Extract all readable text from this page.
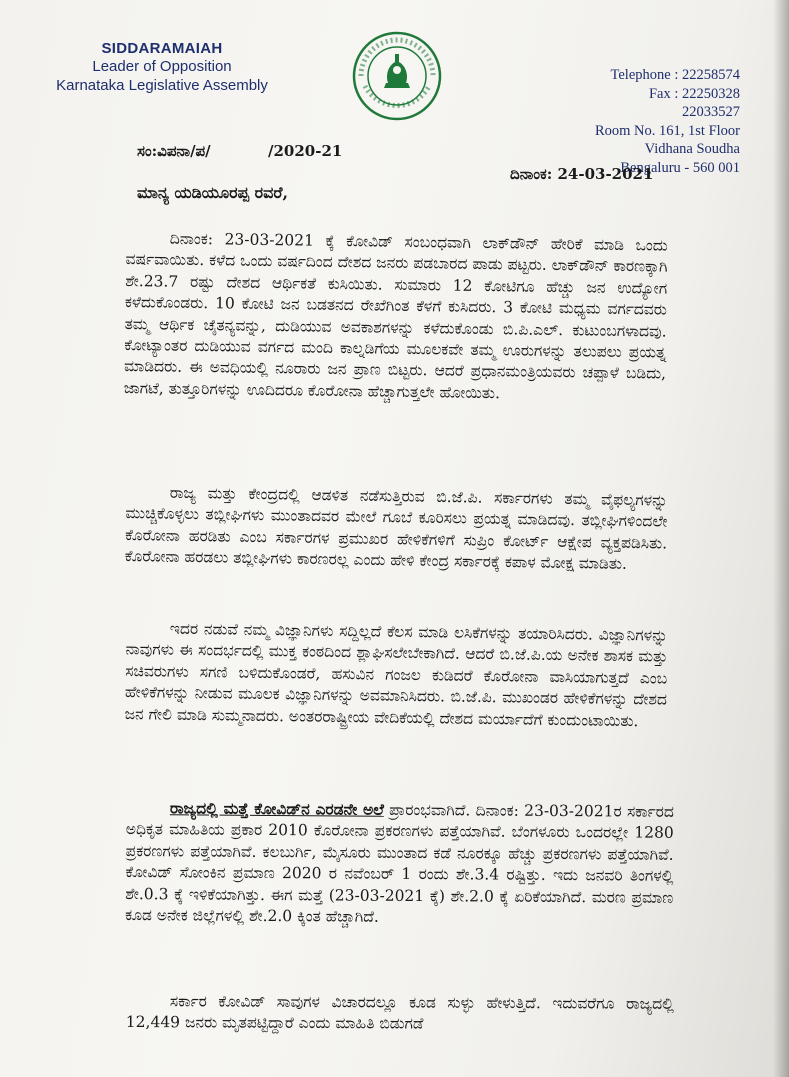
SIDDARAMAIAH
Leader of Opposition
Karnataka Legislative Assembly
Telephone : 22258574
Fax : 22250328
22033527
Room No. 161, 1st Floor
Vidhana Soudha
Bengaluru - 560 001
ಸಂ:ವಿಪನಾ/ಪ/	/2020-21
ದಿನಾಂಕ: 24-03-2021
ಮಾನ್ಯ ಯಡಿಯೂರಪ್ಪ ರವರೆ,
ದಿನಾಂಕ: 23-03-2021 ಕ್ಕೆ ಕೋವಿಡ್ ಸಂಬಂಧವಾಗಿ ಲಾಕ್‌ಡೌನ್ ಹೇರಿಕೆ ಮಾಡಿ ಒಂದು ವರ್ಷವಾಯಿತು. ಕಳೆದ ಒಂದು ವರ್ಷದಿಂದ ದೇಶದ ಜನರು ಪಡಬಾರದ ಪಾಡು ಪಟ್ಟರು. ಲಾಕ್‌ಡೌನ್ ಕಾರಣಕ್ಕಾಗಿ ಶೇ.23.7 ರಷ್ಟು ದೇಶದ ಆರ್ಥಿಕತೆ ಕುಸಿಯಿತು. ಸುಮಾರು 12 ಕೋಟಿಗೂ ಹೆಚ್ಚು ಜನ ಉದ್ಯೋಗ ಕಳೆದುಕೊಂಡರು. 10 ಕೋಟಿ ಜನ ಬಡತನದ ರೇಖೆಗಿಂತ ಕೆಳಗೆ ಕುಸಿದರು. 3 ಕೋಟಿ ಮಧ್ಯಮ ವರ್ಗದವರು ತಮ್ಮ ಆರ್ಥಿಕ ಚೈತನ್ಯವನ್ನು, ದುಡಿಯುವ ಅವಕಾಶಗಳನ್ನು ಕಳೆದುಕೊಂಡು ಬಿ.ಪಿ.ಎಲ್. ಕುಟುಂಬಗಳಾದವು. ಕೋಟ್ಯಾಂತರ ದುಡಿಯುವ ವರ್ಗದ ಮಂದಿ ಕಾಲ್ನಡಿಗೆಯ ಮೂಲಕವೇ ತಮ್ಮ ಊರುಗಳನ್ನು ತಲುಪಲು ಪ್ರಯತ್ನ ಮಾಡಿದರು. ಈ ಅವಧಿಯಲ್ಲಿ ನೂರಾರು ಜನ ಪ್ರಾಣ ಬಿಟ್ಟರು. ಆದರೆ ಪ್ರಧಾನಮಂತ್ರಿಯವರು ಚಪ್ಪಾಳೆ ಬಡಿದು, ಜಾಗಟೆ, ತುತ್ತೂರಿಗಳನ್ನು ಊದಿದರೂ ಕೊರೋನಾ ಹೆಚ್ಚಾಗುತ್ತಲೇ ಹೋಯಿತು.
ರಾಜ್ಯ ಮತ್ತು ಕೇಂದ್ರದಲ್ಲಿ ಆಡಳಿತ ನಡೆಸುತ್ತಿರುವ ಬಿ.ಜೆ.ಪಿ. ಸರ್ಕಾರಗಳು ತಮ್ಮ ವೈಫಲ್ಯಗಳನ್ನು ಮುಚ್ಚಿಕೊಳ್ಳಲು ತಬ್ಲೀಘಿಗಳು ಮುಂತಾದವರ ಮೇಲೆ ಗೂಬೆ ಕೂರಿಸಲು ಪ್ರಯತ್ನ ಮಾಡಿದವು. ತಬ್ಲೀಘಿಗಳಿಂದಲೇ ಕೊರೋನಾ ಹರಡಿತು ಎಂಬ ಸರ್ಕಾರಗಳ ಪ್ರಮುಖರ ಹೇಳಿಕೆಗಳಿಗೆ ಸುಪ್ರಿಂ ಕೋರ್ಟ್ ಆಕ್ಷೇಪ ವ್ಯಕ್ತಪಡಿಸಿತು. ಕೊರೋನಾ ಹರಡಲು ತಬ್ಲೀಘಿಗಳು ಕಾರಣರಲ್ಲ ಎಂದು ಹೇಳಿ ಕೇಂದ್ರ ಸರ್ಕಾರಕ್ಕೆ ಕಪಾಳ ಮೋಕ್ಷ ಮಾಡಿತು.
ಇದರ ನಡುವೆ ನಮ್ಮ ವಿಜ್ಞಾನಿಗಳು ಸದ್ದಿಲ್ಲದೆ ಕೆಲಸ ಮಾಡಿ ಲಸಿಕೆಗಳನ್ನು ತಯಾರಿಸಿದರು. ವಿಜ್ಞಾನಿಗಳನ್ನು ನಾವುಗಳು ಈ ಸಂದರ್ಭದಲ್ಲಿ ಮುಕ್ತ ಕಂಠದಿಂದ ಶ್ಲಾಘಿಸಲೇಬೇಕಾಗಿದೆ. ಆದರೆ ಬಿ.ಜೆ.ಪಿ.ಯ ಅನೇಕ ಶಾಸಕ ಮತ್ತು ಸಚಿವರುಗಳು ಸಗಣಿ ಬಳಿದುಕೊಂಡರೆ, ಹಸುವಿನ ಗಂಜಲ ಕುಡಿದರೆ ಕೊರೋನಾ ವಾಸಿಯಾಗುತ್ತದೆ ಎಂಬ ಹೇಳಿಕೆಗಳನ್ನು ನೀಡುವ ಮೂಲಕ ವಿಜ್ಞಾನಿಗಳನ್ನು ಅವಮಾನಿಸಿದರು. ಬಿ.ಜೆ.ಪಿ. ಮುಖಂಡರ ಹೇಳಿಕೆಗಳನ್ನು ದೇಶದ ಜನ ಗೇಲಿ ಮಾಡಿ ಸುಮ್ಮನಾದರು. ಅಂತರರಾಷ್ಟ್ರೀಯ ವೇದಿಕೆಯಲ್ಲಿ ದೇಶದ ಮರ್ಯಾದೆಗೆ ಕುಂದುಂಟಾಯಿತು.
ರಾಜ್ಯದಲ್ಲಿ ಮತ್ತೆ ಕೋವಿಡ್‌ನ ಎರಡನೇ ಅಲೆ ಪ್ರಾರಂಭವಾಗಿದೆ. ದಿನಾಂಕ: 23-03-2021ರ ಸರ್ಕಾರದ ಅಧಿಕೃತ ಮಾಹಿತಿಯ ಪ್ರಕಾರ 2010 ಕೊರೋನಾ ಪ್ರಕರಣಗಳು ಪತ್ತೆಯಾಗಿವೆ. ಬೆಂಗಳೂರು ಒಂದರಲ್ಲೇ 1280 ಪ್ರಕರಣಗಳು ಪತ್ತೆಯಾಗಿವೆ. ಕಲಬುರ್ಗಿ, ಮೈಸೂರು ಮುಂತಾದ ಕಡೆ ನೂರಕ್ಕೂ ಹೆಚ್ಚು ಪ್ರಕರಣಗಳು ಪತ್ತೆಯಾಗಿವೆ. ಕೋವಿಡ್ ಸೋಂಕಿನ ಪ್ರಮಾಣ 2020 ರ ನವೆಂಬರ್ 1 ರಂದು ಶೇ.3.4 ರಷ್ಟಿತ್ತು. ಇದು ಜನವರಿ ತಿಂಗಳಲ್ಲಿ ಶೇ.0.3 ಕ್ಕೆ ಇಳಿಕೆಯಾಗಿತ್ತು. ಈಗ ಮತ್ತೆ (23-03-2021 ಕ್ಕೆ) ಶೇ.2.0 ಕ್ಕೆ ಏರಿಕೆಯಾಗಿದೆ. ಮರಣ ಪ್ರಮಾಣ ಕೂಡ ಅನೇಕ ಜಿಲ್ಲೆಗಳಲ್ಲಿ ಶೇ.2.0 ಕ್ಕಿಂತ ಹೆಚ್ಚಾಗಿದೆ.
ಸರ್ಕಾರ ಕೋವಿಡ್ ಸಾವುಗಳ ವಿಚಾರದಲ್ಲೂ ಕೂಡ ಸುಳ್ಳು ಹೇಳುತ್ತಿದೆ. ಇದುವರೆಗೂ ರಾಜ್ಯದಲ್ಲಿ 12,449 ಜನರು ಮೃತಪಟ್ಟಿದ್ದಾರೆ ಎಂದು ಮಾಹಿತಿ ಬಿಡುಗಡೆ
